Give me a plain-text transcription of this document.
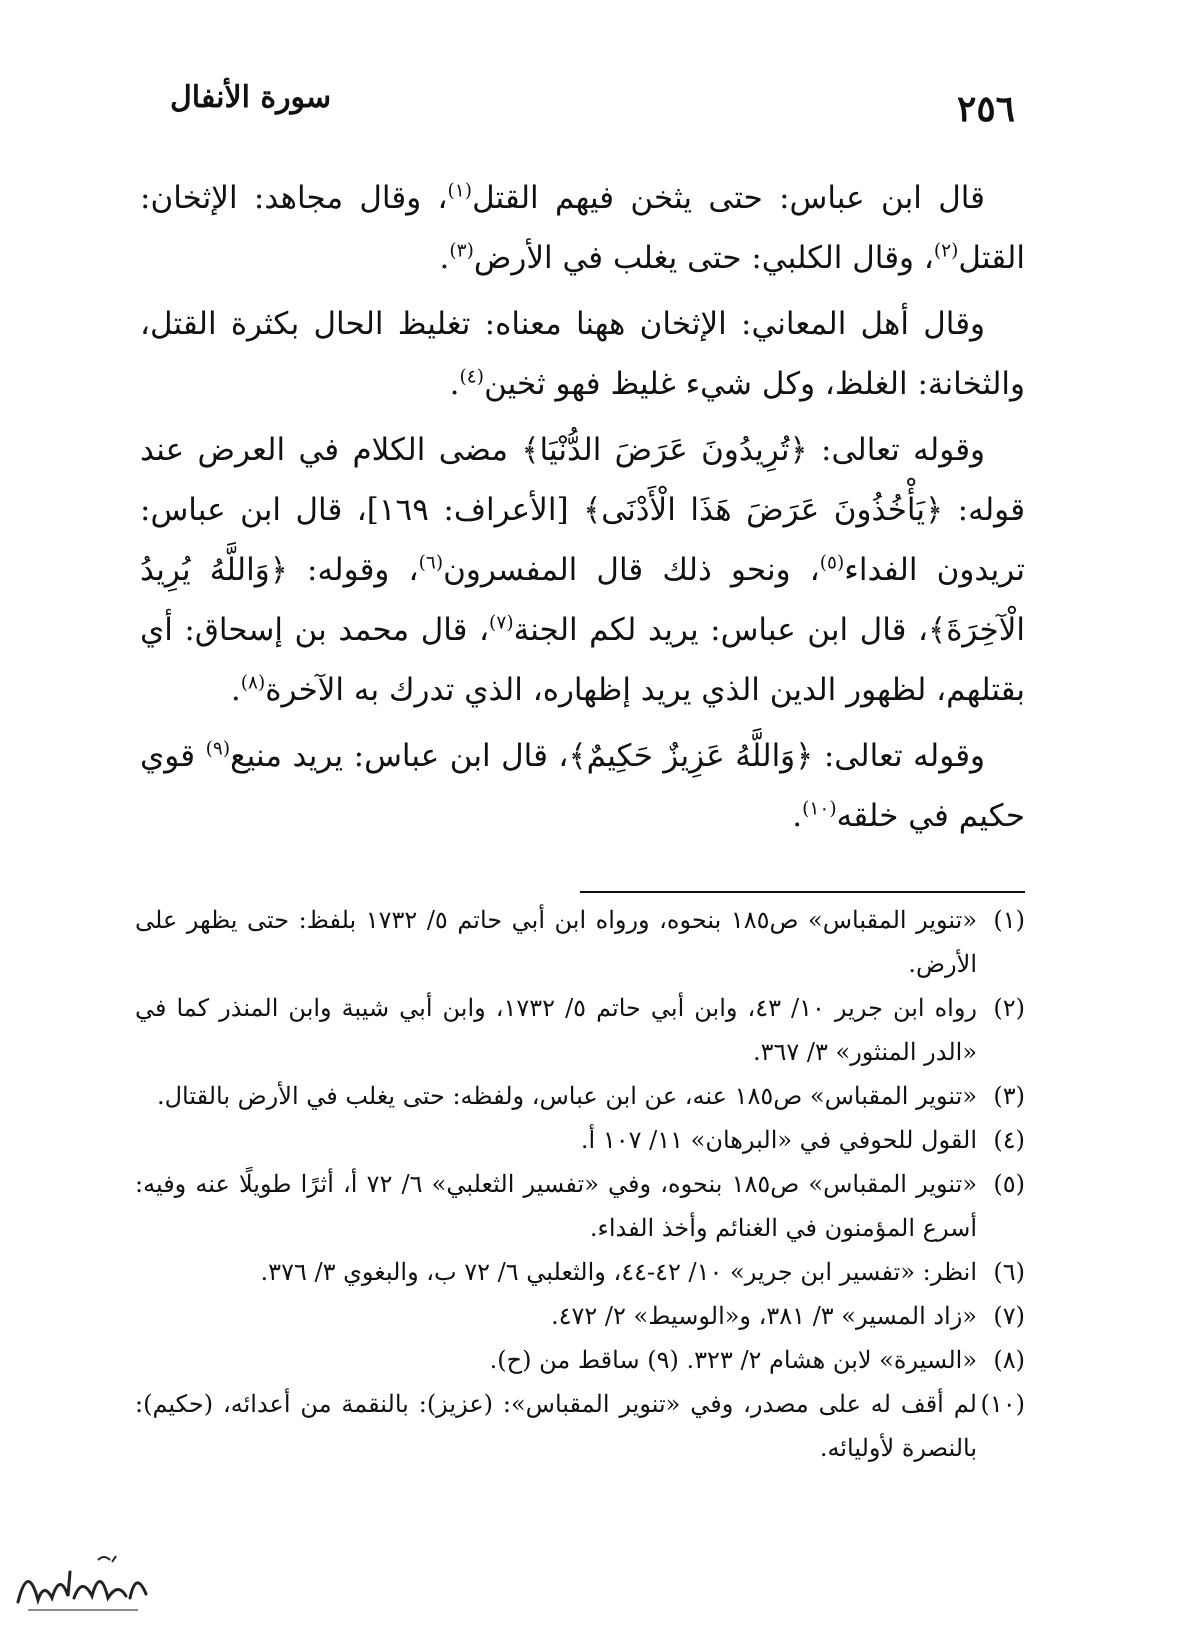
٢٥٦
سورة الأنفال

قال ابن عباس: حتى يثخن فيهم القتل$^{(١)}$، وقال مجاهد: الإثخان: القتل$^{(٢)}$، وقال الكلبي: حتى يغلب في الأرض$^{(٣)}$.

وقال أهل المعاني: الإثخان ههنا معناه: تغليظ الحال بكثرة القتل، والثخانة: الغلظ، وكل شيء غليظ فهو ثخين$^{(٤)}$.

وقوله تعالى: ﴿تُرِيدُونَ عَرَضَ الدُّنْيَا﴾ مضى الكلام في العرض عند قوله: ﴿يَأْخُذُونَ عَرَضَ هَذَا الْأَدْنَى﴾ [الأعراف: ١٦٩]، قال ابن عباس: تريدون الفداء$^{(٥)}$، ونحو ذلك قال المفسرون$^{(٦)}$، وقوله: ﴿وَاللَّهُ يُرِيدُ الْآخِرَةَ﴾، قال ابن عباس: يريد لكم الجنة$^{(٧)}$، قال محمد بن إسحاق: أي بقتلهم، لظهور الدين الذي يريد إظهاره، الذي تدرك به الآخرة$^{(٨)}$.

وقوله تعالى: ﴿وَاللَّهُ عَزِيزٌ حَكِيمٌ﴾، قال ابن عباس: يريد منيع$^{(٩)}$ قوي حكيم في خلقه$^{(١٠)}$.

(١)
«تنوير المقباس» ص١٨٥ بنحوه، ورواه ابن أبي حاتم ٥/ ١٧٣٢ بلفظ: حتى يظهر على الأرض.
(٢)
رواه ابن جرير ١٠/ ٤٣، وابن أبي حاتم ٥/ ١٧٣٢، وابن أبي شيبة وابن المنذر كما في «الدر المنثور» ٣/ ٣٦٧.
(٣)
«تنوير المقباس» ص١٨٥ عنه، عن ابن عباس، ولفظه: حتى يغلب في الأرض بالقتال.
(٤)
القول للحوفي في «البرهان» ١١/ ١٠٧ أ.
(٥)
«تنوير المقباس» ص١٨٥ بنحوه، وفي «تفسير الثعلبي» ٦/ ٧٢ أ، أثرًا طويلًا عنه وفيه: أسرع المؤمنون في الغنائم وأخذ الفداء.
(٦)
انظر: «تفسير ابن جرير» ١٠/ ٤٢-٤٤، والثعلبي ٦/ ٧٢ ب، والبغوي ٣/ ٣٧٦.
(٧)
«زاد المسير» ٣/ ٣٨١، و«الوسيط» ٢/ ٤٧٢.
(٨)
«السيرة» لابن هشام ٢/ ٣٢٣. (٩) ساقط من (ح).
(١٠)
لم أقف له على مصدر، وفي «تنوير المقباس»: (عزيز): بالنقمة من أعدائه، (حكيم): بالنصرة لأوليائه.
